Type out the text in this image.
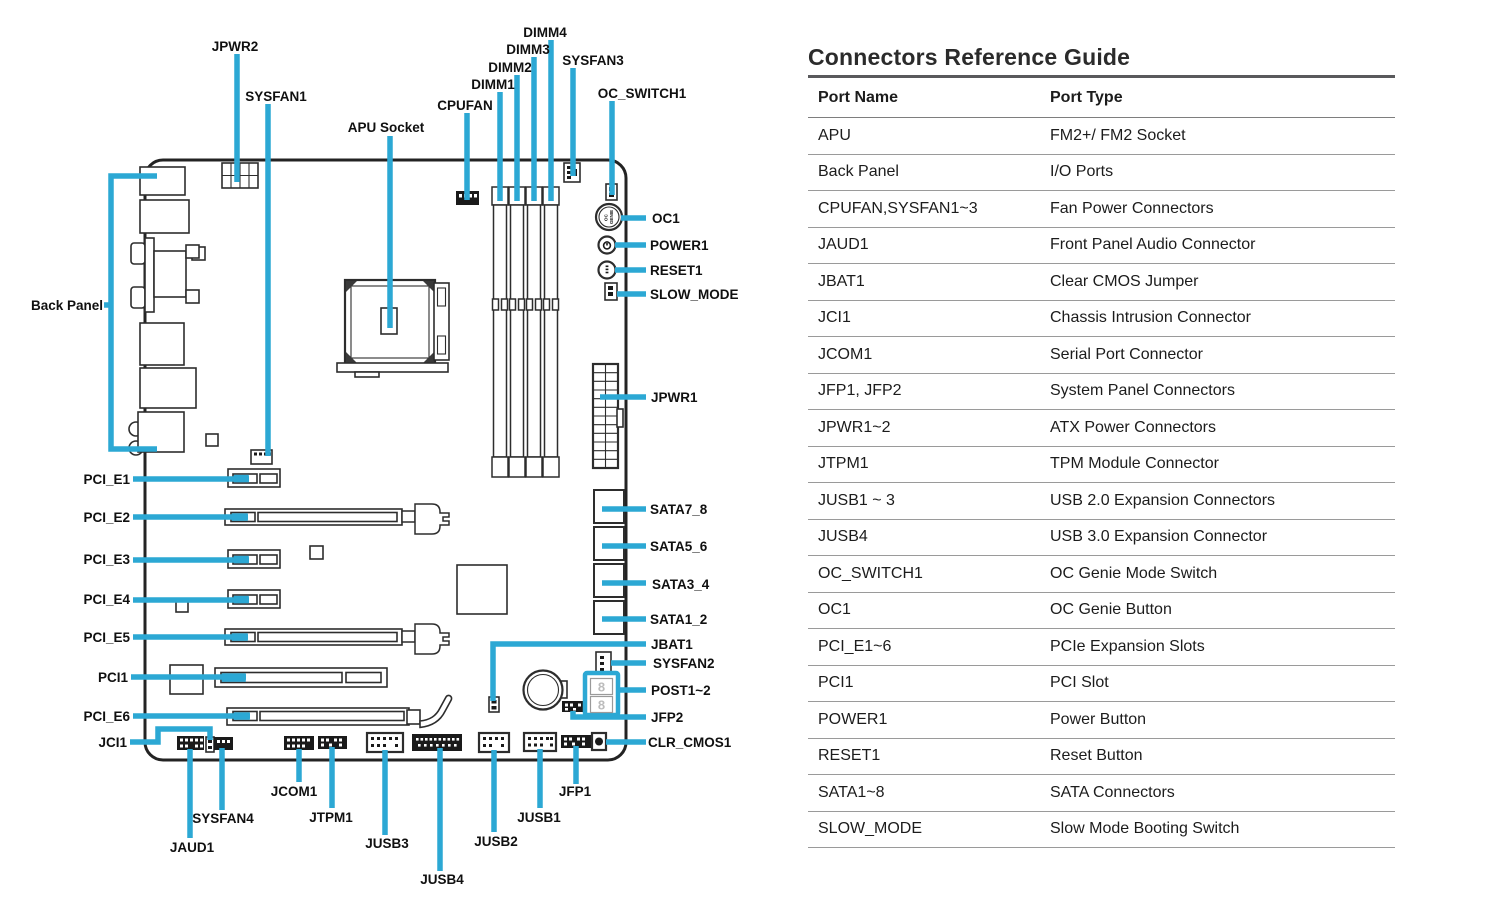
OC GENIE
8
8
JPWR2
SYSFAN1
APU Socket
CPUFAN
DIMM1
DIMM2
DIMM3
DIMM4
SYSFAN3
OC_SWITCH1
OC1
POWER1
RESET1
SLOW_MODE
JPWR1
SATA7_8
SATA5_6
SATA3_4
SATA1_2
JBAT1
SYSFAN2
POST1~2
JFP2
CLR_CMOS1
Back Panel
PCI_E1
PCI_E2
PCI_E3
PCI_E4
PCI_E5
PCI1
PCI_E6
JCI1
JCOM1
JTPM1
SYSFAN4
JAUD1	JUSB3
JUSB4
JUSB2
JUSB1
JFP1
Connectors Reference Guide
Port Name	Port Type
APU	FM2+/ FM2 Socket
Back Panel	I/O Ports
CPUFAN,SYSFAN1~3	Fan Power Connectors
JAUD1	Front Panel Audio Connector
JBAT1	Clear CMOS Jumper
JCI1	Chassis Intrusion Connector
JCOM1	Serial Port Connector
JFP1, JFP2	System Panel Connectors
JPWR1~2	ATX Power Connectors
JTPM1	TPM Module Connector
JUSB1 ~ 3	USB 2.0 Expansion Connectors
JUSB4	USB 3.0 Expansion Connector
OC_SWITCH1	OC Genie Mode Switch
OC1	OC Genie Button
PCI_E1~6	PCIe Expansion Slots
PCI1	PCI Slot
POWER1	Power Button
RESET1	Reset Button
SATA1~8	SATA Connectors
SLOW_MODE	Slow Mode Booting Switch
